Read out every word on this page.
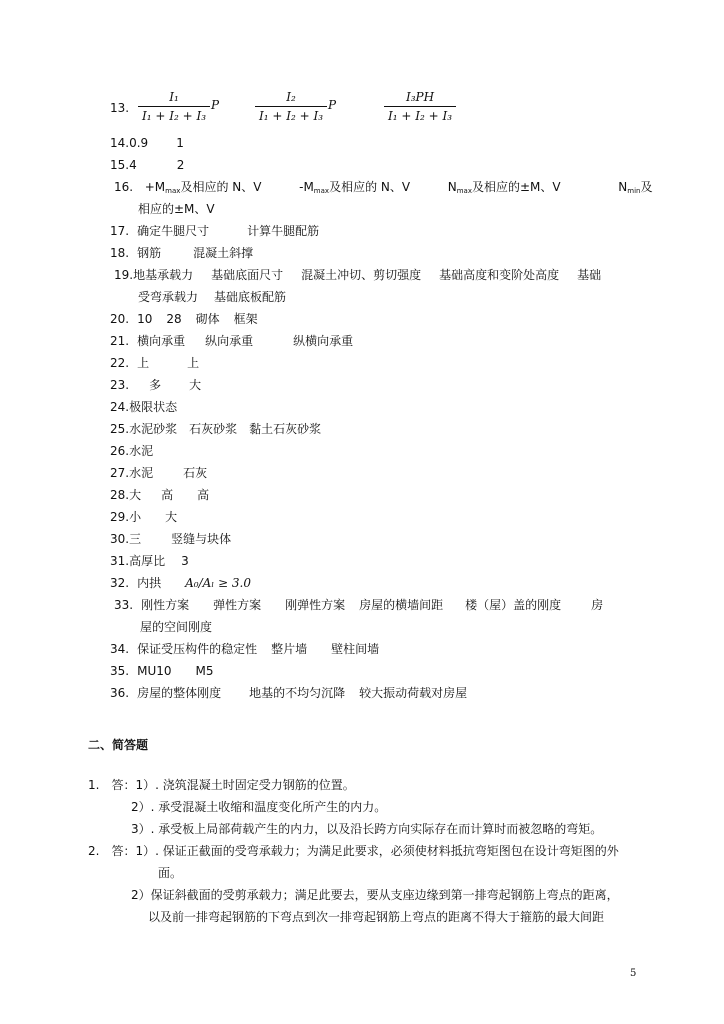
13.
I₁
I₁ + I₂ + I₃
P
I₂
I₁ + I₂ + I₃
P
I₃PH
I₁ + I₂ + I₃
14.0.9 1
15.4	2
16. $+M_{max}$及相应的 N、V	$-M_{max}$及相应的 N、V	$N_{max}$及相应的±M、V	$N_{min}$及
相应的±M、V
17. 确定牛腿尺寸	计算牛腿配筋
18. 钢筋	混凝土斜撑
19.地基承载力 基础底面尺寸 混凝土冲切、剪切强度 基础高度和变阶处高度 基础
受弯承载力 基础底板配筋
20. 10 28 砌体 框架
21. 横向承重 纵向承重	纵横向承重
22. 上	上
23. 多 大
24.极限状态
25.水泥砂浆 石灰砂浆 黏土石灰砂浆
26.水泥
27.水泥	石灰
28.大 高 高
29.小 大
30.三	竖缝与块体
31.高厚比 3
32. 内拱 A₀/Aₗ ≥ 3.0
33. 刚性方案 弹性方案 刚弹性方案 房屋的横墙间距 楼（屋）盖的刚度	房
屋的空间刚度
34. 保证受压构件的稳定性 整片墙 壁柱间墙
35. MU10 M5
36. 房屋的整体刚度 地基的不均匀沉降 较大振动荷载对房屋
二、简答题
1. 答：1）. 浇筑混凝土时固定受力钢筋的位置。
2）. 承受混凝土收缩和温度变化所产生的内力。
3）. 承受板上局部荷载产生的内力，以及沿长跨方向实际存在而计算时而被忽略的弯矩。
2. 答：1）. 保证正截面的受弯承载力；为满足此要求，必须使材料抵抗弯矩图包在设计弯矩图的外
面。
2）保证斜截面的受剪承载力；满足此要去，要从支座边缘到第一排弯起钢筋上弯点的距离，
以及前一排弯起钢筋的下弯点到次一排弯起钢筋上弯点的距离不得大于箍筋的最大间距
5
